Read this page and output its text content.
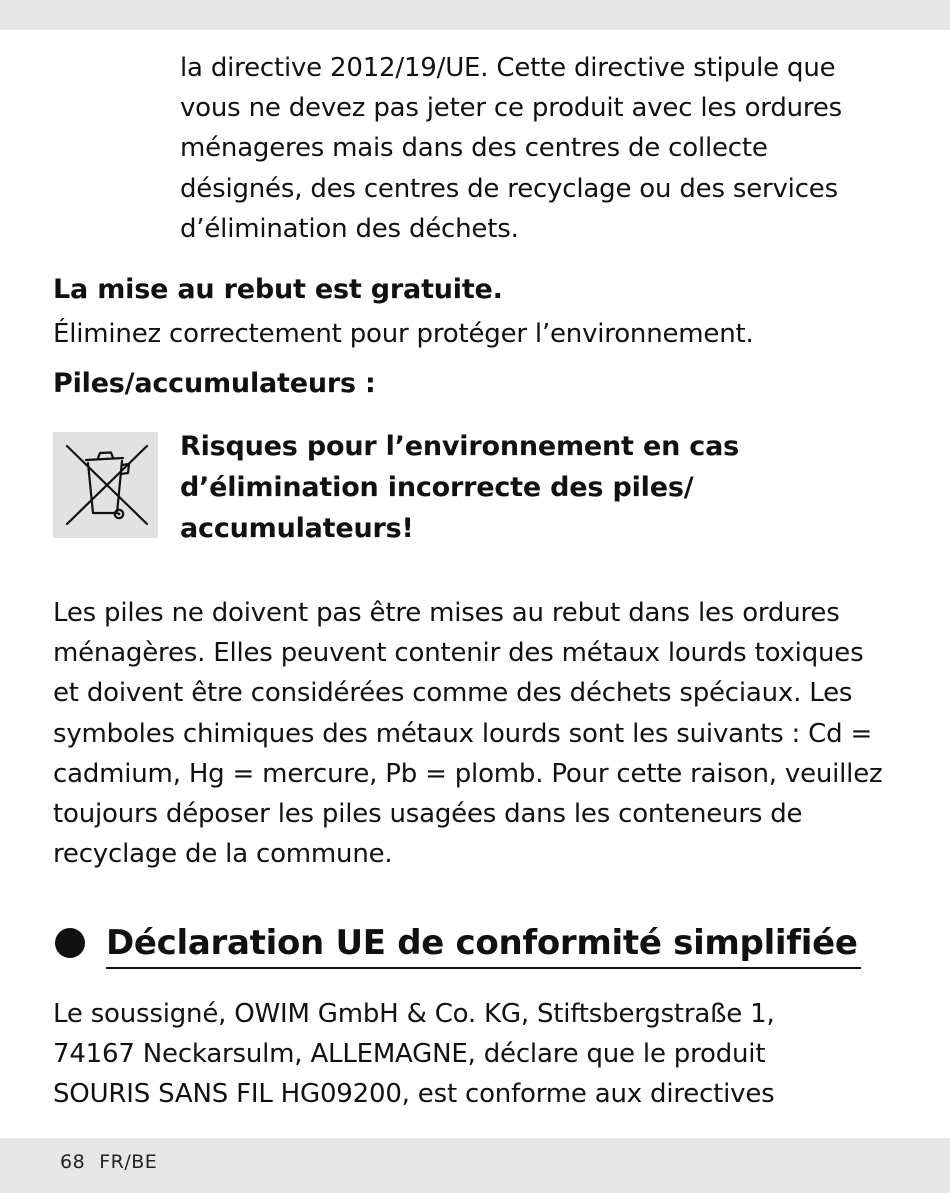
la directive 2012/19/UE. Cette directive stipule que
vous ne devez pas jeter ce produit avec les ordures
ménageres mais dans des centres de collecte
désignés, des centres de recyclage ou des services
d’élimination des déchets.
La mise au rebut est gratuite.
Éliminez correctement pour protéger l’environnement.
Piles/accumulateurs :
Risques pour l’environnement en cas
d’élimination incorrecte des piles/
accumulateurs!
Les piles ne doivent pas être mises au rebut dans les ordures
ménagères. Elles peuvent contenir des métaux lourds toxiques
et doivent être considérées comme des déchets spéciaux. Les
symboles chimiques des métaux lourds sont les suivants : Cd =
cadmium, Hg = mercure, Pb = plomb. Pour cette raison, veuillez
toujours déposer les piles usagées dans les conteneurs de
recyclage de la commune.
Déclaration UE de conformité simplifiée
Le soussigné, OWIM GmbH & Co. KG, Stiftsbergstraße 1,
74167 Neckarsulm, ALLEMAGNE, déclare que le produit
SOURIS SANS FIL HG09200, est conforme aux directives
68 FR/BE
